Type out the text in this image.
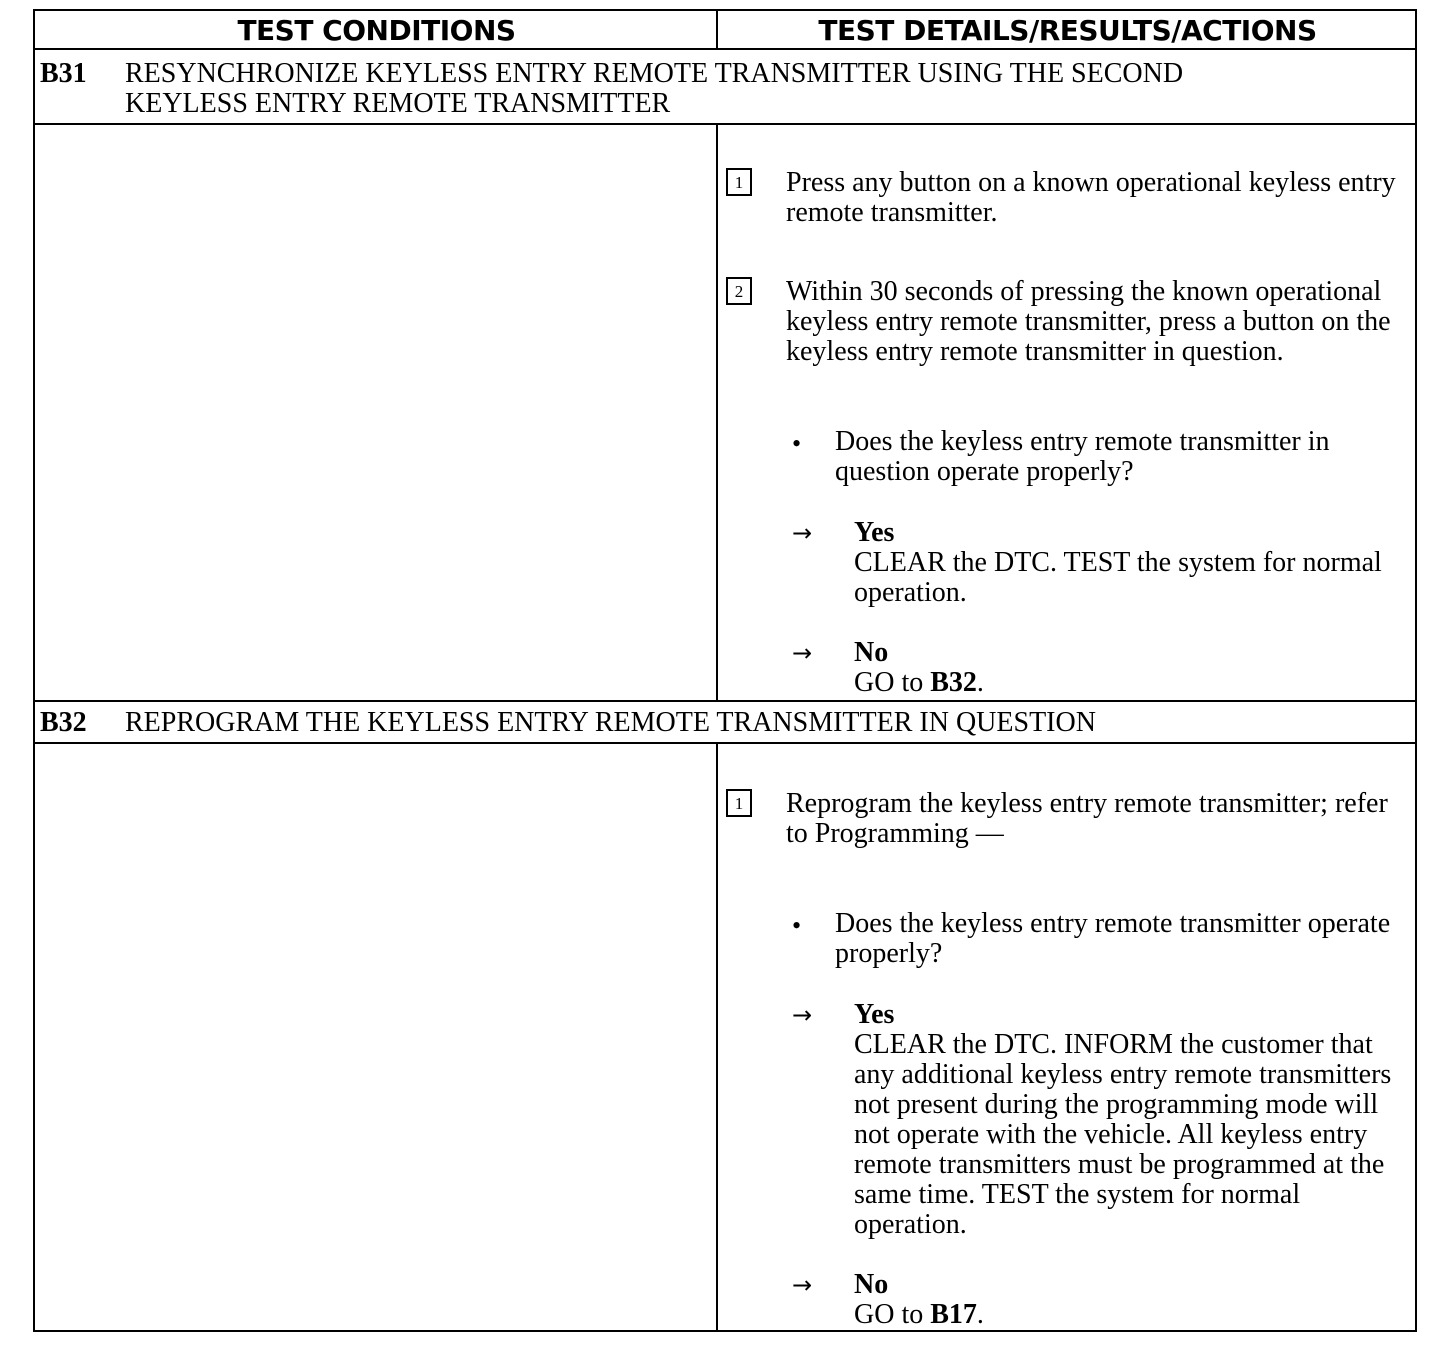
TEST CONDITIONS	TEST DETAILS/RESULTS/ACTIONS
B31 RESYNCHRONIZE KEYLESS ENTRY REMOTE TRANSMITTER USING THE SECOND
KEYLESS ENTRY REMOTE TRANSMITTER
1	Press any button on a known operational keyless entry remote transmitter.
2	Within 30 seconds of pressing the known operational keyless entry remote transmitter, press a button on the keyless entry remote transmitter in question.
• Does the keyless entry remote transmitter in question operate properly?
→ Yes
CLEAR the DTC. TEST the system for normal operation.
→ No
GO to B32.
B32 REPROGRAM THE KEYLESS ENTRY REMOTE TRANSMITTER IN QUESTION
1	Reprogram the keyless entry remote transmitter; refer to Programming —
• Does the keyless entry remote transmitter operate properly?
→ Yes
CLEAR the DTC. INFORM the customer that any additional keyless entry remote transmitters not present during the programming mode will not operate with the vehicle. All keyless entry remote transmitters must be programmed at the same time. TEST the system for normal operation.
→ No
GO to B17.
